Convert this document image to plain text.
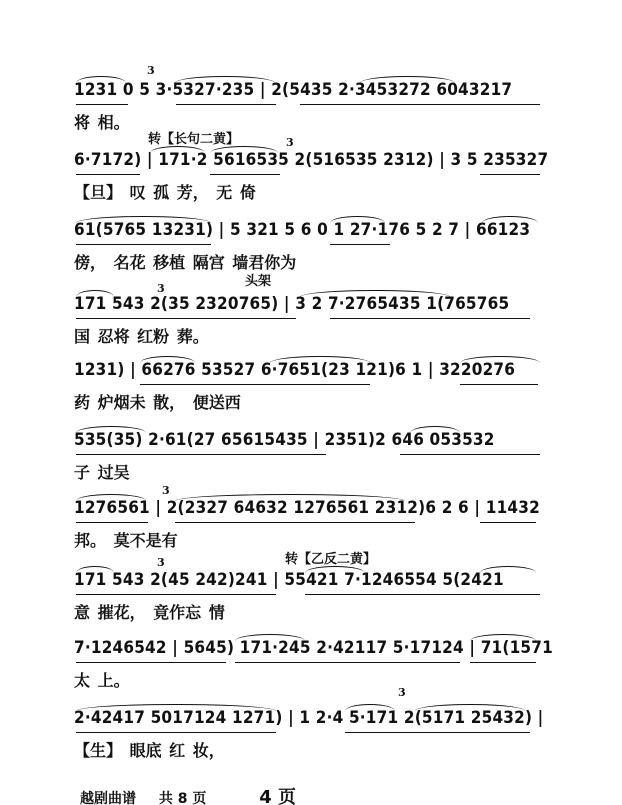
1231 0 5 3·5327·235 | 2(5435 2·3453272 6043217
将 相。
3
转【长句二黄】
6·7172) | 171·2 5616535 2(516535 2312) | 3 5 235327
【旦】 叹 孤 芳， 无 倚
3
61(5765 13231) | 5 321 5 6 0 1 27·176 5 2 7 | 66123
傍， 名花 移植 隔宫 墙君你为
头架
171 543 2(35 2320765) | 3 2 7·2765435 1(765765
国 忍将 红粉 葬。
3
1231) | 66276 53527 6·7651(23 121)6 1 | 3220276
药 炉烟未 散， 便送西
535(35) 2·61(27 65615435 | 2351)2 646 053532
子 过吴
1276561 | 2(2327 64632 1276561 2312)6 2 6 | 11432
邦。 莫不是有
3
转【乙反二黄】
171 543 2(45 242)241 | 55421 7·1246554 5(2421
意 摧花， 竟作忘 情
3
7·1246542 | 5645) 171·245 2·42117 5·17124 | 71(1571
太 上。
2·42417 5017124 1271) | 1 2·4 5·171 2(5171 25432) |
【生】 眼底 红 妆，
3
越剧曲谱 共 8 页	4 页
